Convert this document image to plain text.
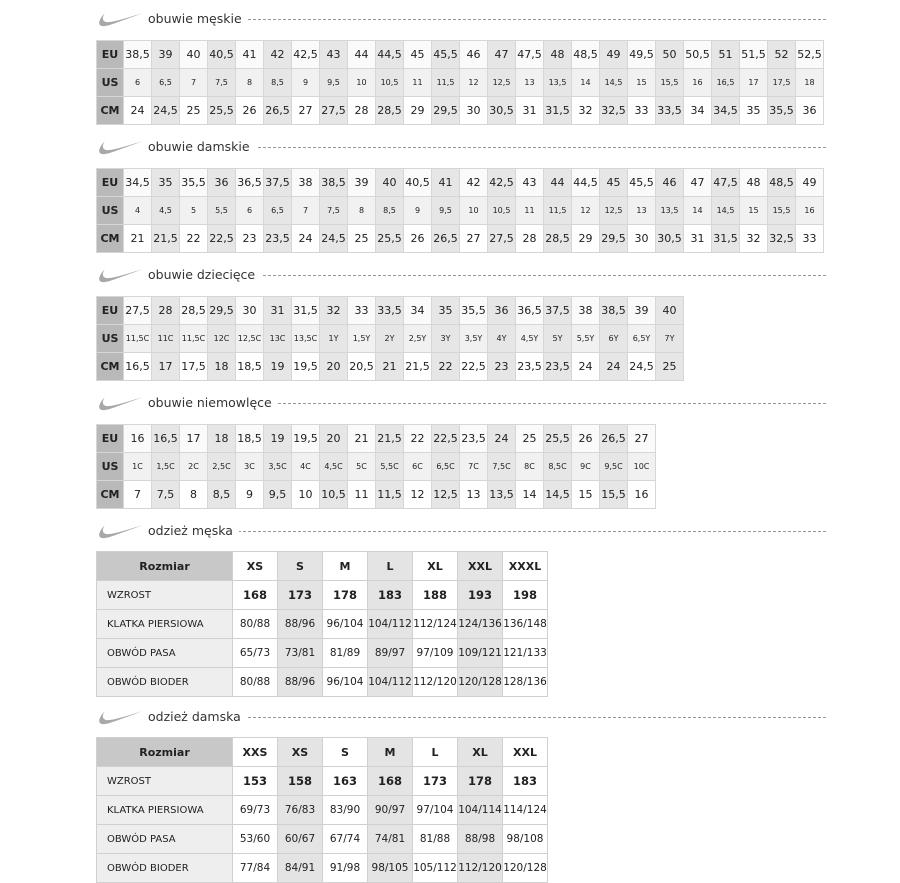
obuwie męskie
EU	38,5	39	40	40,5	41	42	42,5	43	44	44,5	45	45,5	46	47	47,5	48	48,5	49	49,5	50	50,5	51	51,5	52	52,5
US	6	6,5	7	7,5	8	8,5	9	9,5	10	10,5	11	11,5	12	12,5	13	13,5	14	14,5	15	15,5	16	16,5	17	17,5	18
CM	24	24,5	25	25,5	26	26,5	27	27,5	28	28,5	29	29,5	30	30,5	31	31,5	32	32,5	33	33,5	34	34,5	35	35,5	36
obuwie damskie
EU	34,5	35	35,5	36	36,5	37,5	38	38,5	39	40	40,5	41	42	42,5	43	44	44,5	45	45,5	46	47	47,5	48	48,5	49
US	4	4,5	5	5,5	6	6,5	7	7,5	8	8,5	9	9,5	10	10,5	11	11,5	12	12,5	13	13,5	14	14,5	15	15,5	16
CM	21	21,5	22	22,5	23	23,5	24	24,5	25	25,5	26	26,5	27	27,5	28	28,5	29	29,5	30	30,5	31	31,5	32	32,5	33
obuwie dziecięce
EU	27,5	28	28,5	29,5	30	31	31,5	32	33	33,5	34	35	35,5	36	36,5	37,5	38	38,5	39	40
US	11,5C	11C	11,5C	12C	12,5C	13C	13,5C	1Y	1,5Y	2Y	2,5Y	3Y	3,5Y	4Y	4,5Y	5Y	5,5Y	6Y	6,5Y	7Y
CM	16,5	17	17,5	18	18,5	19	19,5	20	20,5	21	21,5	22	22,5	23	23,5	23,5	24	24	24,5	25
obuwie niemowlęce
EU	16	16,5	17	18	18,5	19	19,5	20	21	21,5	22	22,5	23,5	24	25	25,5	26	26,5	27
US	1C	1,5C	2C	2,5C	3C	3,5C	4C	4,5C	5C	5,5C	6C	6,5C	7C	7,5C	8C	8,5C	9C	9,5C	10C
CM	7	7,5	8	8,5	9	9,5	10	10,5	11	11,5	12	12,5	13	13,5	14	14,5	15	15,5	16
odzież męska
Rozmiar	XS	S	M	L	XL	XXL	XXXL
WZROST	168	173	178	183	188	193	198
KLATKA PIERSIOWA	80/88	88/96	96/104	104/112	112/124	124/136	136/148
OBWÓD PASA	65/73	73/81	81/89	89/97	97/109	109/121	121/133
OBWÓD BIODER	80/88	88/96	96/104	104/112	112/120	120/128	128/136
odzież damska
Rozmiar	XXS	XS	S	M	L	XL	XXL
WZROST	153	158	163	168	173	178	183
KLATKA PIERSIOWA	69/73	76/83	83/90	90/97	97/104	104/114	114/124
OBWÓD PASA	53/60	60/67	67/74	74/81	81/88	88/98	98/108
OBWÓD BIODER	77/84	84/91	91/98	98/105	105/112	112/120	120/128
